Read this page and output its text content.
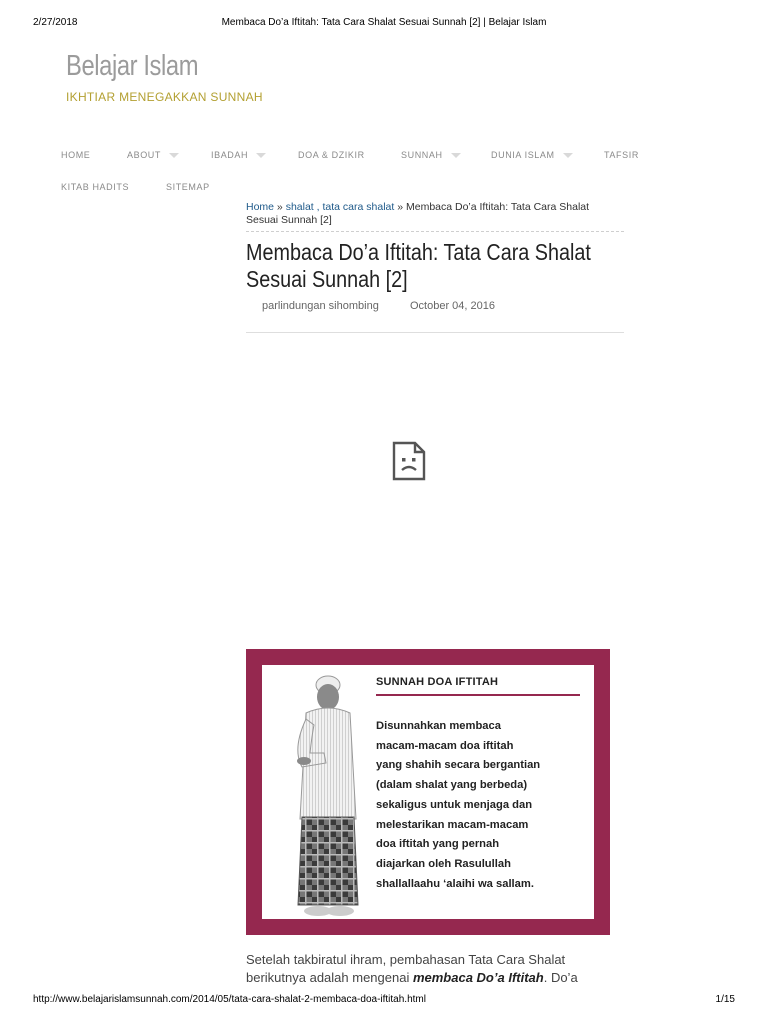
2/27/2018	Membaca Do’a Iftitah: Tata Cara Shalat Sesuai Sunnah [2] | Belajar Islam
Belajar Islam
IKHTIAR MENEGAKKAN SUNNAH
HOME	ABOUT	IBADAH	DOA & DZIKIR	SUNNAH	DUNIA ISLAM	TAFSIR
KITAB HADITS	SITEMAP
Home » shalat , tata cara shalat » Membaca Do’a Iftitah: Tata Cara Shalat Sesuai Sunnah [2]
Membaca Do’a Iftitah: Tata Cara Shalat Sesuai Sunnah [2]
parlindungan sihombing	October 04, 2016
SUNNAH DOA IFTITAH
Disunnahkan membaca
macam-macam doa iftitah
yang shahih secara bergantian
(dalam shalat yang berbeda)
sekaligus untuk menjaga dan
melestarikan macam-macam
doa iftitah yang pernah
diajarkan oleh Rasulullah
shallallaahu ‘alaihi wa sallam.

Setelah takbiratul ihram, pembahasan Tata Cara Shalat berikutnya adalah mengenai membaca Do’a Iftitah. Do’a

http://www.belajarislamsunnah.com/2014/05/tata-cara-shalat-2-membaca-doa-iftitah.html	1/15
